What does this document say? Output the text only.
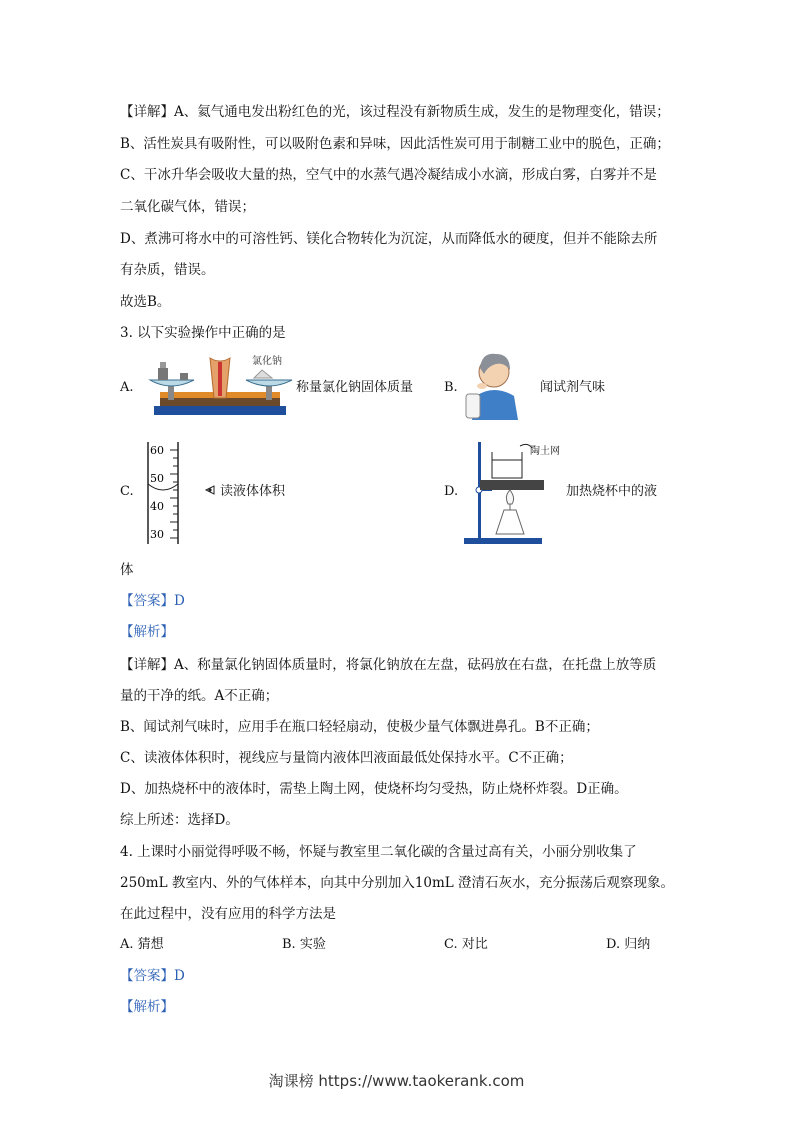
【详解】A、氦气通电发出粉红色的光，该过程没有新物质生成，发生的是物理变化，错误；
B、活性炭具有吸附性，可以吸附色素和异味，因此活性炭可用于制糖工业中的脱色，正确；
C、干冰升华会吸收大量的热，空气中的水蒸气遇冷凝结成小水滴，形成白雾，白雾并不是
二氧化碳气体，错误；
D、煮沸可将水中的可溶性钙、镁化合物转化为沉淀，从而降低水的硬度，但并不能除去所
有杂质，错误。
故选B。
3. 以下实验操作中正确的是
A.
氯化钠
称量氯化钠固体质量 B.	闻试剂气味
C.
60
50
40
30
读液体体积	D.
陶土网
加热烧杯中的液
体
【答案】D
【解析】
【详解】A、称量氯化钠固体质量时，将氯化钠放在左盘，砝码放在右盘，在托盘上放等质
量的干净的纸。A不正确；
B、闻试剂气味时，应用手在瓶口轻轻扇动，使极少量气体飘进鼻孔。B不正确；
C、读液体体积时，视线应与量筒内液体凹液面最低处保持水平。C不正确；
D、加热烧杯中的液体时，需垫上陶土网，使烧杯均匀受热，防止烧杯炸裂。D正确。
综上所述：选择D。
4. 上课时小丽觉得呼吸不畅，怀疑与教室里二氧化碳的含量过高有关，小丽分别收集了
250mL 教室内、外的气体样本，向其中分别加入10mL 澄清石灰水，充分振荡后观察现象。
在此过程中，没有应用的科学方法是
A. 猜想	B. 实验	C. 对比	D. 归纳
【答案】D
【解析】
淘课榜 https://www.taokerank.com
